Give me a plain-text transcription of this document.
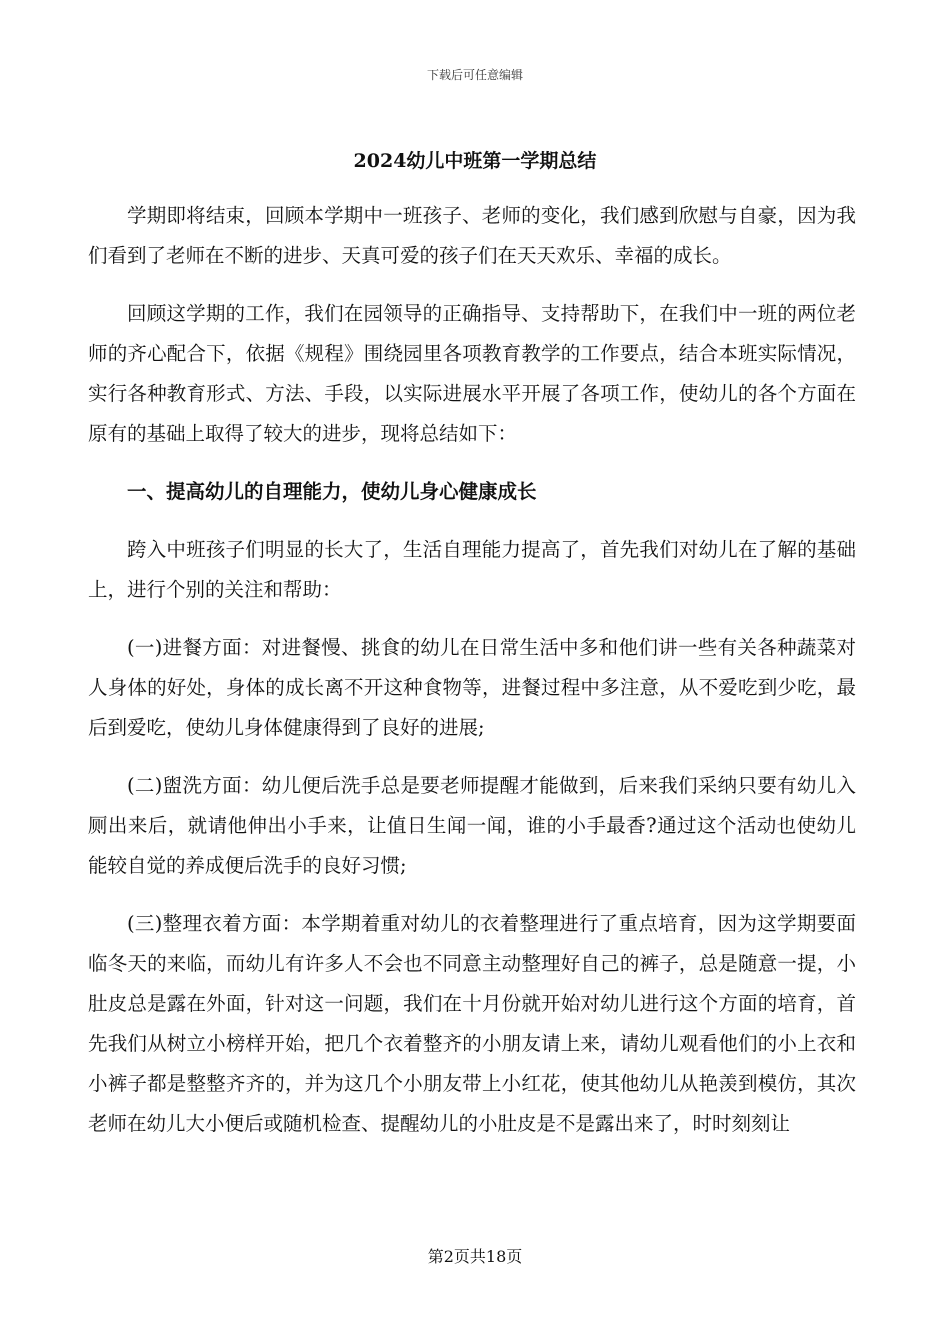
下载后可任意编辑
2024幼儿中班第一学期总结

学期即将结束，回顾本学期中一班孩子、老师的变化，我们感到欣慰与自豪，因为我们看到了老师在不断的进步、天真可爱的孩子们在天天欢乐、幸福的成长。

回顾这学期的工作，我们在园领导的正确指导、支持帮助下，在我们中一班的两位老师的齐心配合下，依据《规程》围绕园里各项教育教学的工作要点，结合本班实际情况，实行各种教育形式、方法、手段，以实际进展水平开展了各项工作，使幼儿的各个方面在原有的基础上取得了较大的进步，现将总结如下：

一、提高幼儿的自理能力，使幼儿身心健康成长

跨入中班孩子们明显的长大了，生活自理能力提高了，首先我们对幼儿在了解的基础上，进行个别的关注和帮助：

(一)进餐方面：对进餐慢、挑食的幼儿在日常生活中多和他们讲一些有关各种蔬菜对人身体的好处，身体的成长离不开这种食物等，进餐过程中多注意，从不爱吃到少吃，最后到爱吃，使幼儿身体健康得到了良好的进展;

(二)盥洗方面：幼儿便后洗手总是要老师提醒才能做到，后来我们采纳只要有幼儿入厕出来后，就请他伸出小手来，让值日生闻一闻，谁的小手最香?通过这个活动也使幼儿能较自觉的养成便后洗手的良好习惯;

(三)整理衣着方面：本学期着重对幼儿的衣着整理进行了重点培育，因为这学期要面临冬天的来临，而幼儿有许多人不会也不同意主动整理好自己的裤子，总是随意一提，小肚皮总是露在外面，针对这一问题，我们在十月份就开始对幼儿进行这个方面的培育，首先我们从树立小榜样开始，把几个衣着整齐的小朋友请上来，请幼儿观看他们的小上衣和小裤子都是整整齐齐的，并为这几个小朋友带上小红花，使其他幼儿从艳羡到模仿，其次老师在幼儿大小便后或随机检查、提醒幼儿的小肚皮是不是露出来了，时时刻刻让

第2页共18页
